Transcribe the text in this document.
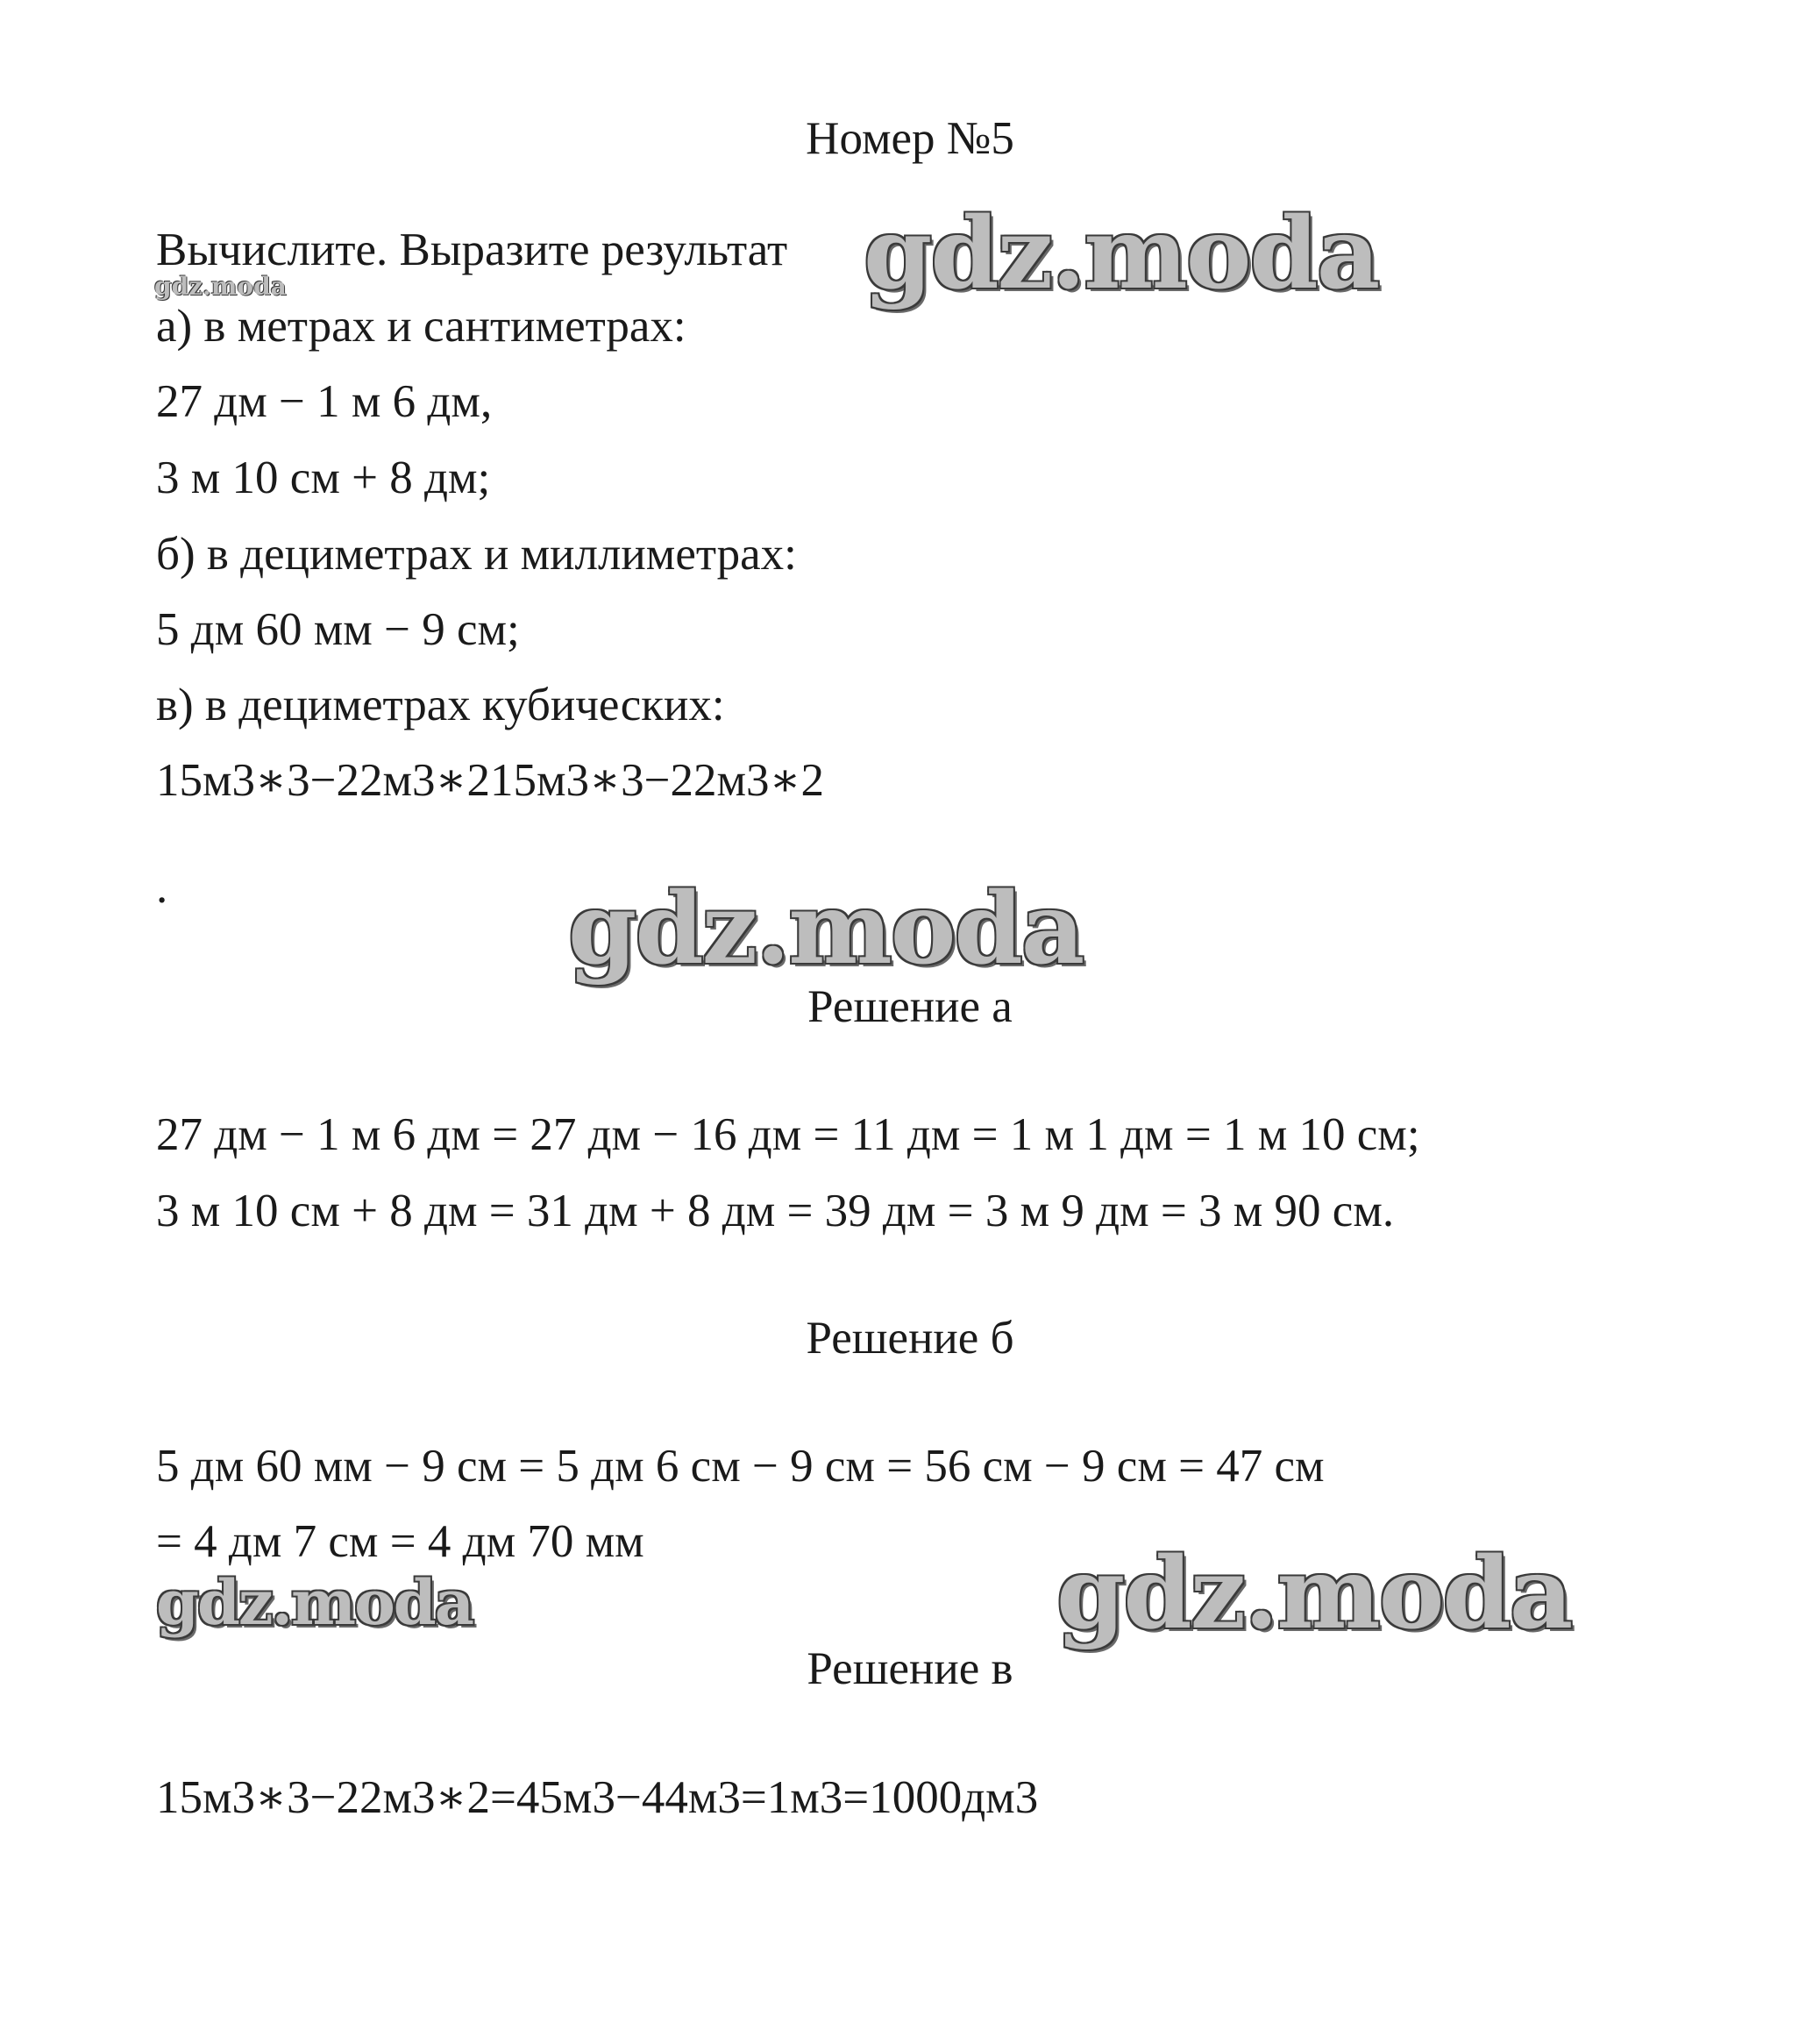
Номер №5
Вычислите. Выразите результат
а) в метрах и сантиметрах:
27 дм − 1 м 6 дм,
3 м 10 см + 8 дм;
б) в дециметрах и миллиметрах:
5 дм 60 мм − 9 см;
в) в дециметрах кубических:
15м3∗3−22м3∗215м3∗3−22м3∗2
.
Решение а
27 дм − 1 м 6 дм = 27 дм − 16 дм = 11 дм = 1 м 1 дм = 1 м 10 см;
3 м 10 см + 8 дм = 31 дм + 8 дм = 39 дм = 3 м 9 дм = 3 м 90 см.
Решение б
5 дм 60 мм − 9 см = 5 дм 6 см − 9 см = 56 см − 9 см = 47 см
= 4 дм 7 см = 4 дм 70 мм
Решение в
15м3∗3−22м3∗2=45м3−44м3=1м3=1000дм3
gdz.moda	gdz.moda
gdz.moda
gdz.moda	gdz.moda
